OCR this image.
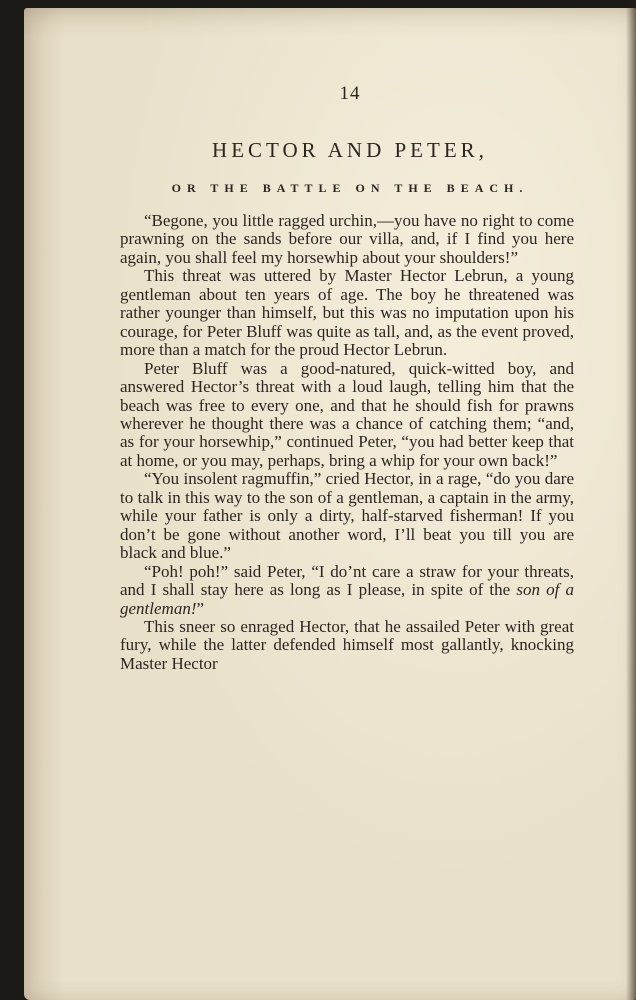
14
HECTOR AND PETER,
OR THE BATTLE ON THE BEACH.

“Begone, you little ragged urchin,—you have no right to come prawning on the sands before our villa, and, if I find you here again, you shall feel my horsewhip about your shoulders!”

This threat was uttered by Master Hector Lebrun, a young gentleman about ten years of age. The boy he threatened was rather younger than himself, but this was no imputation upon his courage, for Peter Bluff was quite as tall, and, as the event proved, more than a match for the proud Hector Lebrun.

Peter Bluff was a good-natured, quick-witted boy, and answered Hector’s threat with a loud laugh, telling him that the beach was free to every one, and that he should fish for prawns wherever he thought there was a chance of catching them; “and, as for your horsewhip,” continued Peter, “you had better keep that at home, or you may, perhaps, bring a whip for your own back!”

“You insolent ragmuffin,” cried Hector, in a rage, “do you dare to talk in this way to the son of a gentleman, a captain in the army, while your father is only a dirty, half-starved fisherman! If you don’t be gone without another word, I’ll beat you till you are black and blue.”

“Poh! poh!” said Peter, “I do’nt care a straw for your threats, and I shall stay here as long as I please, in spite of the son of a gentleman!”

This sneer so enraged Hector, that he assailed Peter with great fury, while the latter defended himself most gallantly, knocking Master Hector
